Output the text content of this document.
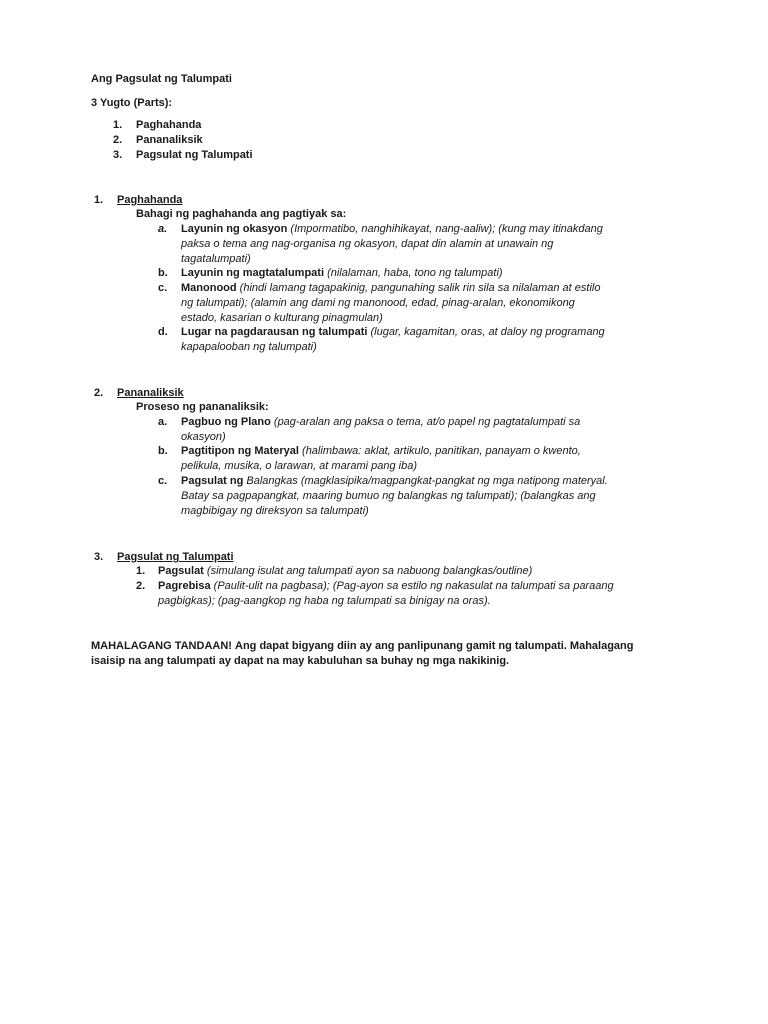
Ang Pagsulat ng Talumpati
3 Yugto (Parts):
1. Paghahanda
2. Pananaliksik
3. Pagsulat ng Talumpati
1. Paghahanda
Bahagi ng paghahanda ang pagtiyak sa:
a. Layunin ng okasyon (Impormatibo, nanghihikayat, nang-aaliw); (kung may itinakdang
paksa o tema ang nag-organisa ng okasyon, dapat din alamin at unawain ng
tagatalumpati)
b. Layunin ng magtatalumpati (nilalaman, haba, tono ng talumpati)
c. Manonood (hindi lamang tagapakinig, pangunahing salik rin sila sa nilalaman at estilo
ng talumpati); (alamin ang dami ng manonood, edad, pinag-aralan, ekonomikong
estado, kasarian o kulturang pinagmulan)
d. Lugar na pagdarausan ng talumpati (lugar, kagamitan, oras, at daloy ng programang
kapapalooban ng talumpati)
2. Pananaliksik
Proseso ng pananaliksik:
a. Pagbuo ng Plano (pag-aralan ang paksa o tema, at/o papel ng pagtatalumpati sa
okasyon)
b. Pagtitipon ng Materyal (halimbawa: aklat, artikulo, panitikan, panayam o kwento,
pelikula, musika, o larawan, at marami pang iba)
c. Pagsulat ng Balangkas (magklasipika/magpangkat-pangkat ng mga natipong materyal.
Batay sa pagpapangkat, maaring bumuo ng balangkas ng talumpati); (balangkas ang
magbibigay ng direksyon sa talumpati)
3. Pagsulat ng Talumpati
1. Pagsulat (simulang isulat ang talumpati ayon sa nabuong balangkas/outline)
2. Pagrebisa (Paulit-ulit na pagbasa); (Pag-ayon sa estilo ng nakasulat na talumpati sa paraang
pagbigkas); (pag-aangkop ng haba ng talumpati sa binigay na oras).
MAHALAGANG TANDAAN! Ang dapat bigyang diin ay ang panlipunang gamit ng talumpati. Mahalagang
isaisip na ang talumpati ay dapat na may kabuluhan sa buhay ng mga nakikinig.
